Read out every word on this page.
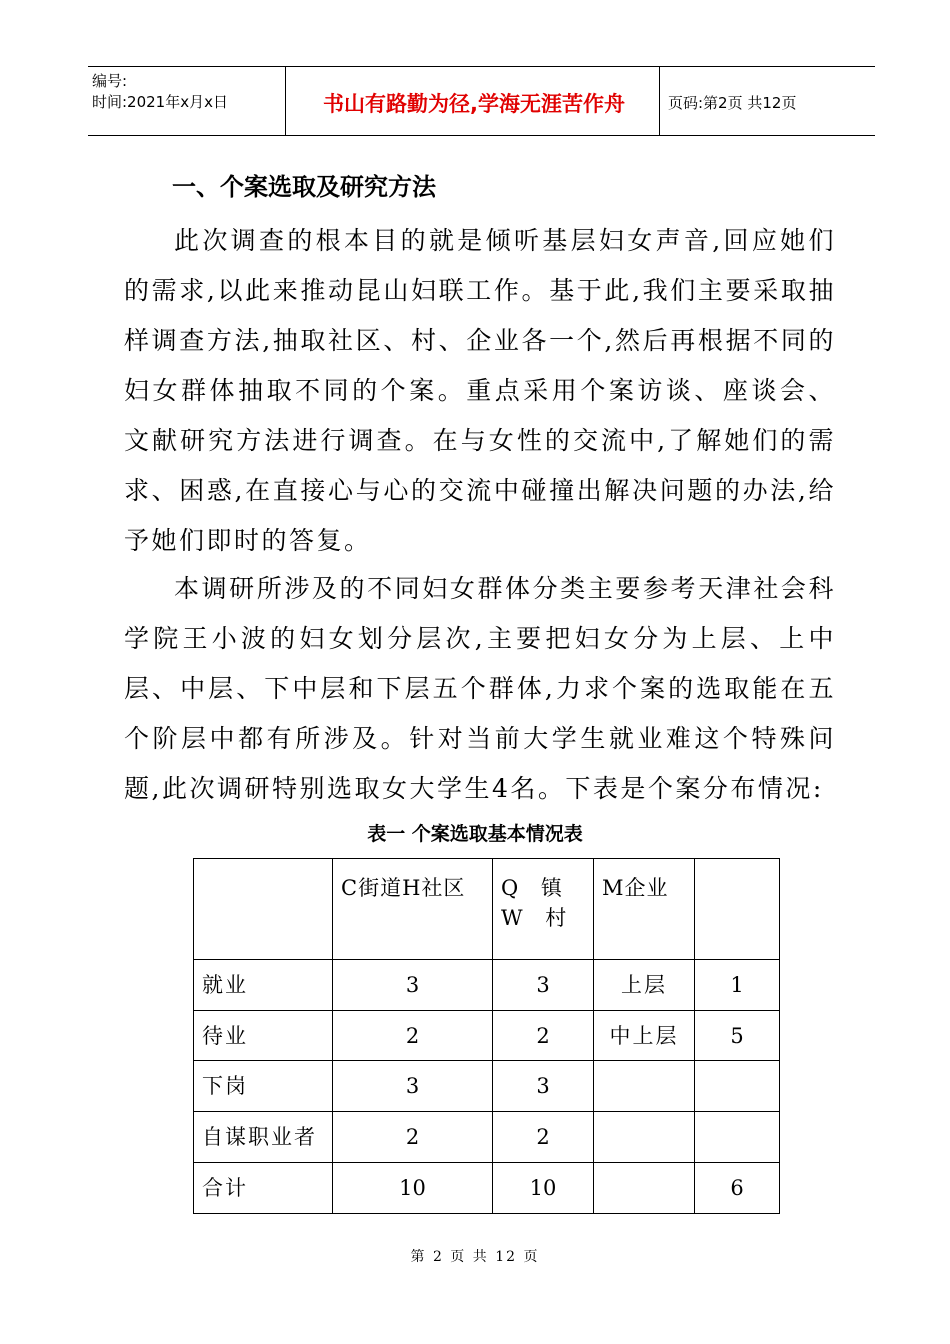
编号:
时间:2021年x月x日	书山有路勤为径,学海无涯苦作舟	页码:第2页 共12页
一、个案选取及研究方法

此次调查的根本目的就是倾听基层妇女声音,回应她们的需求,以此来推动昆山妇联工作。基于此,我们主要采取抽样调查方法,抽取社区、村、企业各一个,然后再根据不同的妇女群体抽取不同的个案。重点采用个案访谈、座谈会、文献研究方法进行调查。在与女性的交流中,了解她们的需求、困惑,在直接心与心的交流中碰撞出解决问题的办法,给予她们即时的答复。

本调研所涉及的不同妇女群体分类主要参考天津社会科学院王小波的妇女划分层次,主要把妇女分为上层、上中层、中层、下中层和下层五个群体,力求个案的选取能在五个阶层中都有所涉及。针对当前大学生就业难这个特殊问题,此次调研特别选取女大学生4名。下表是个案分布情况:

表一 个案选取基本情况表
	C街道H社区	Q 镇 W 村	M企业	
就业	3	3	上层	1
待业	2	2	中上层	5
下岗	3	3		
自谋职业者	2	2		
合计	10	10		6
第 2 页 共 12 页
